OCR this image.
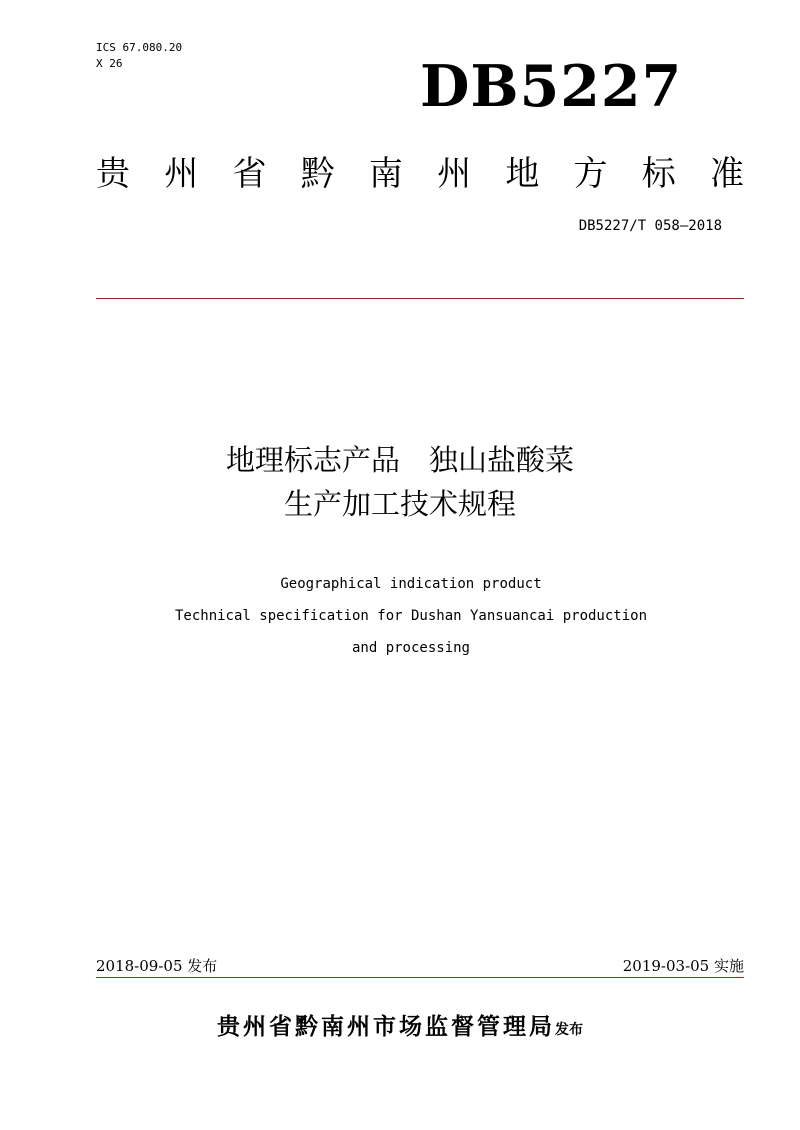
ICS 67.080.20
X 26	DB5227
贵 州 省 黔 南 州 地 方 标 准
DB5227/T 058—2018
地理标志产品　独山盐酸菜
生产加工技术规程
Geographical indication product
Technical specification for Dushan Yansuancai production
and processing
2018-09-05 发布	2019-03-05 实施
贵州省黔南州市场监督管理局发布
